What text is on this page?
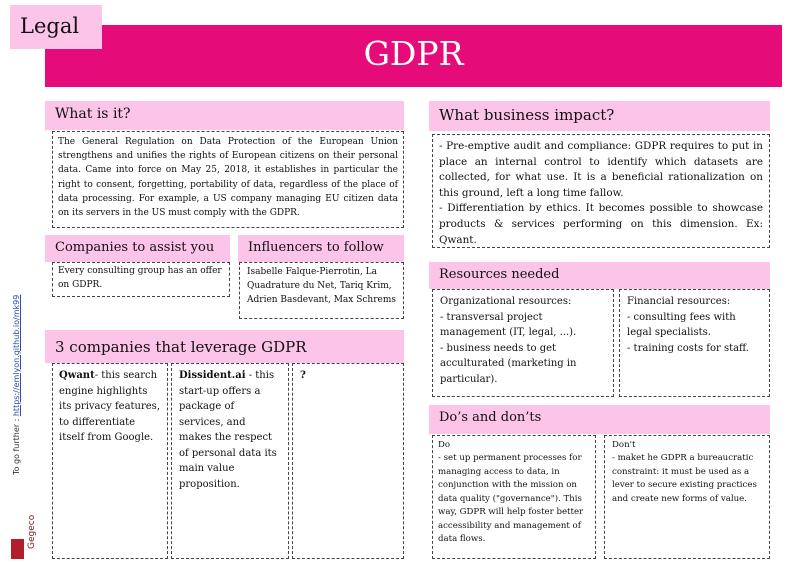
Legal
GDPR
What is it?
The General Regulation on Data Protection of the European Union strengthens and unifies the rights of European citizens on their personal data. Came into force on May 25, 2018, it establishes in particular the right to consent, forgetting, portability of data, regardless of the place of data processing. For example, a US company managing EU citizen data on its servers in the US must comply with the GDPR.
Companies to assist you
Every consulting group has an offer on GDPR.
Influencers to follow
Isabelle Falque-Pierrotin, La Quadrature du Net, Tariq Krim, Adrien Basdevant, Max Schrems
3 companies that leverage GDPR
Qwant- this search engine highlights its privacy features, to differentiate itself from Google.
Dissident.ai - this start-up offers a package of services, and makes the respect of personal data its main value proposition.
?
What business impact?
- Pre-emptive audit and compliance: GDPR requires to put in place an internal control to identify which datasets are collected, for what use. It is a beneficial rationalization on this ground, left a long time fallow.
- Differentiation by ethics. It becomes possible to showcase products & services performing on this dimension. Ex: Qwant.
Resources needed
Organizational resources:
- transversal project management (IT, legal, ...).
- business needs to get acculturated (marketing in particular).
Financial resources:
- consulting fees with legal specialists.
- training costs for staff.
Do’s and don’ts
Do
- set up permanent processes for managing access to data, in conjunction with the mission on data quality ("governance"). This way, GDPR will help foster better accessibility and management of data flows.
Don't
- maket he GDPR a bureaucratic constraint: it must be used as a lever to secure existing practices and create new forms of value.
To go further : https://emlyon.github.io/mk99
Gegeco
